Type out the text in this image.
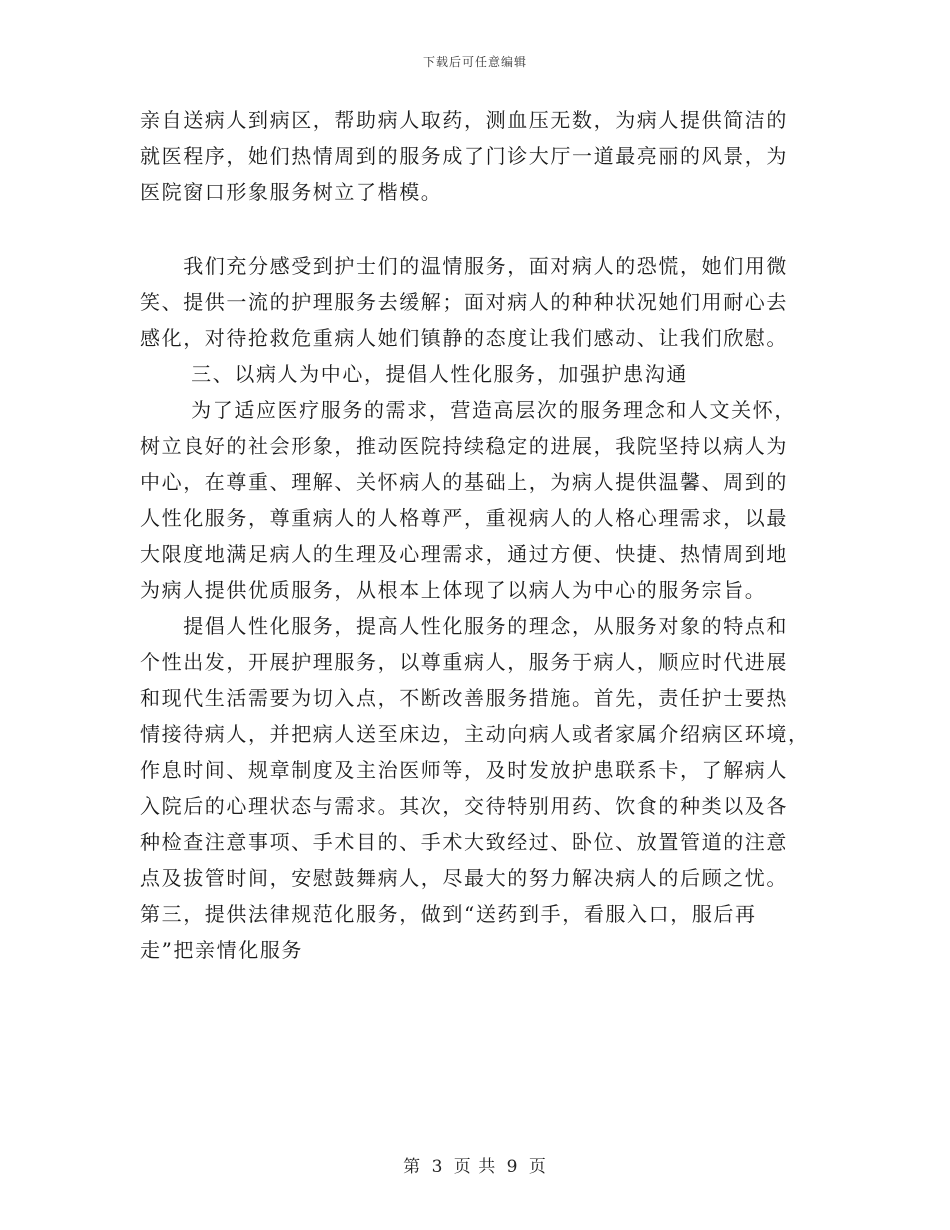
下载后可任意编辑
亲自送病人到病区，帮助病人取药，测血压无数，为病人提供简洁的
就医程序，她们热情周到的服务成了门诊大厅一道最亮丽的风景，为
医院窗口形象服务树立了楷模。
　　我们充分感受到护士们的温情服务，面对病人的恐慌，她们用微
笑、提供一流的护理服务去缓解；面对病人的种种状况她们用耐心去
感化，对待抢救危重病人她们镇静的态度让我们感动、让我们欣慰。
　　 三、以病人为中心，提倡人性化服务，加强护患沟通
　　 为了适应医疗服务的需求，营造高层次的服务理念和人文关怀，
树立良好的社会形象，推动医院持续稳定的进展，我院坚持以病人为
中心，在尊重、理解、关怀病人的基础上，为病人提供温馨、周到的
人性化服务，尊重病人的人格尊严，重视病人的人格心理需求，以最
大限度地满足病人的生理及心理需求，通过方便、快捷、热情周到地
为病人提供优质服务，从根本上体现了以病人为中心的服务宗旨。
　　提倡人性化服务，提高人性化服务的理念，从服务对象的特点和
个性出发，开展护理服务，以尊重病人，服务于病人，顺应时代进展
和现代生活需要为切入点，不断改善服务措施。首先，责任护士要热
情接待病人，并把病人送至床边，主动向病人或者家属介绍病区环境，
作息时间、规章制度及主治医师等，及时发放护患联系卡，了解病人
入院后的心理状态与需求。其次，交待特别用药、饮食的种类以及各
种检查注意事项、手术目的、手术大致经过、卧位、放置管道的注意
点及拔管时间，安慰鼓舞病人，尽最大的努力解决病人的后顾之忧。
第三，提供法律规范化服务，做到“送药到手，看服入口，服后再
走”把亲情化服务
第 3 页 共 9 页
